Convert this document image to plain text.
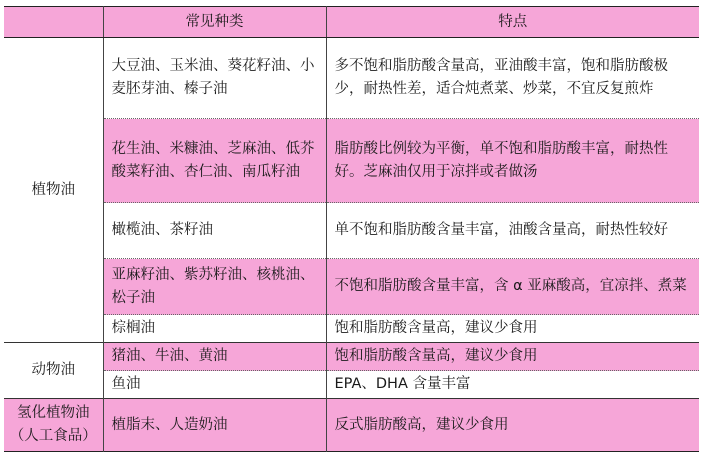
	常见种类	特点
植物油	大豆油、玉米油、葵花籽油、小麦胚芽油、榛子油	多不饱和脂肪酸含量高，亚油酸丰富，饱和脂肪酸极少，耐热性差，适合炖煮菜、炒菜，不宜反复煎炸
	花生油、米糠油、芝麻油、低芥酸菜籽油、杏仁油、南瓜籽油	脂肪酸比例较为平衡，单不饱和脂肪酸丰富，耐热性好。芝麻油仅用于凉拌或者做汤
	橄榄油、茶籽油	单不饱和脂肪酸含量丰富，油酸含量高，耐热性较好
	亚麻籽油、紫苏籽油、核桃油、松子油	不饱和脂肪酸含量丰富，含 α 亚麻酸高，宜凉拌、煮菜
	棕榈油	饱和脂肪酸含量高，建议少食用
动物油	猪油、牛油、黄油	饱和脂肪酸含量高，建议少食用
	鱼油	EPA、DHA 含量丰富
氢化植物油
（人工食品）	植脂末、人造奶油	反式脂肪酸高，建议少食用
